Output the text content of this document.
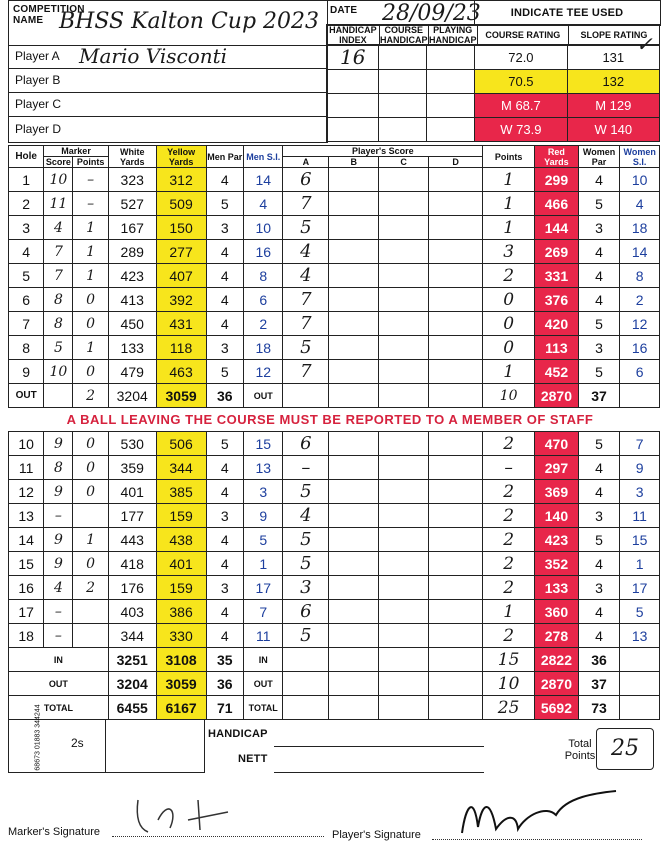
COMPETITION NAME BHSS Kalton Cup 2023 DATE 28/09/23	INDICATE TEE USED
HANDICAP INDEX	COURSE HANDICAP	PLAYING HANDICAP	COURSE RATING	SLOPE RATING
Player A Mario Visconti
Player B
Player C
Player D
16			72.0	131
			70.5	132
			M 68.7	M 129
			W 73.9	W 140
✓
Hole	Marker		White Yards	Yellow Yards	Men Par	Men S.I.	Player's Score				Points	Red Yards	Women Par	Women S.I.
	Score	Points					A	B	C	D				
1	10	–	323	312	4	14	6				1	299	4	10
2	11	–	527	509	5	4	7				1	466	5	4
3	4	1	167	150	3	10	5				1	144	3	18
4	7	1	289	277	4	16	4				3	269	4	14
5	7	1	423	407	4	8	4				2	331	4	8
6	8	0	413	392	4	6	7				0	376	4	2
7	8	0	450	431	4	2	7				0	420	5	12
8	5	1	133	118	3	18	5				0	113	3	16
9	10	0	479	463	5	12	7				1	452	5	6
OUT		2	3204	3059	36	OUT					10	2870	37	
10	9	0	530	506	5	15	6				2	470	5	7
11	8	0	359	344	4	13	–				–	297	4	9
12	9	0	401	385	4	3	5				2	369	4	3
13	–		177	159	3	9	4				2	140	3	11
14	9	1	443	438	4	5	5				2	423	5	15
15	9	0	418	401	4	1	5				2	352	4	1
16	4	2	176	159	3	17	3				2	133	3	17
17	–		403	386	4	7	6				1	360	4	5
18	–		344	330	4	11	5				2	278	4	13
IN			3251	3108	35	IN					15	2822	36	
OUT			3204	3059	36	OUT					10	2870	37	
TOTAL			6455	6167	71	TOTAL					25	5692	73	
68673 01883 344244 2s
HANDICAP
NETT
Total Points 25
Marker's Signature	Player's Signature
A BALL LEAVING THE COURSE MUST BE REPORTED TO A MEMBER OF STAFF
